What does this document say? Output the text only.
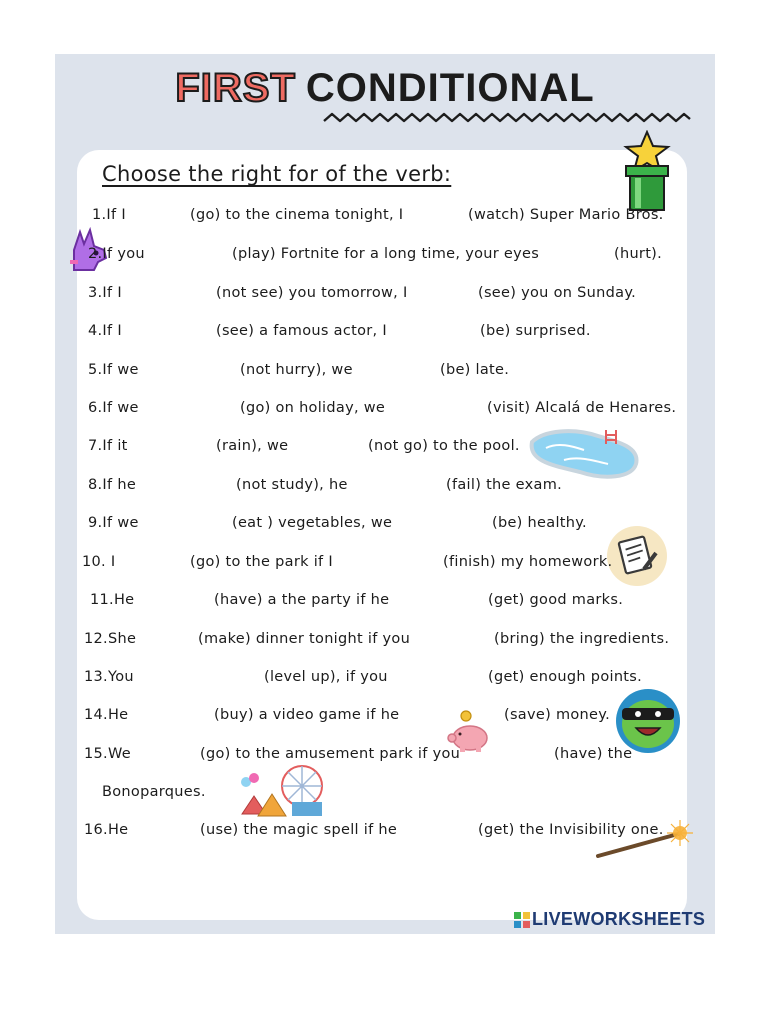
FIRST CONDITIONAL
Choose the right for of the verb:
LIVEWORKSHEETS
1.If I	(go) to the cinema tonight, I	(watch) Super Mario Bros.
2.If you	(play) Fortnite for a long time, your eyes	(hurt).
3.If I	(not see) you tomorrow, I	(see) you on Sunday.
4.If I	(see) a famous actor, I	(be) surprised.
5.If we	(not hurry), we	(be) late.
6.If we	(go) on holiday, we	(visit) Alcalá de Henares.
7.If it	(rain), we	(not go) to the pool.
8.If he	(not study), he	(fail) the exam.
9.If we	(eat ) vegetables, we	(be) healthy.
10. I	(go) to the park if I	(finish) my homework.
11.He	(have) a the party if he	(get) good marks.
12.She	(make) dinner tonight if you	(bring) the ingredients.
13.You	(level up), if you	(get) enough points.
14.He	(buy) a video game if he	(save) money.
15.We	(go) to the amusement park if you	(have) the
Bonoparques.
16.He	(use) the magic spell if he	(get) the Invisibility one.
